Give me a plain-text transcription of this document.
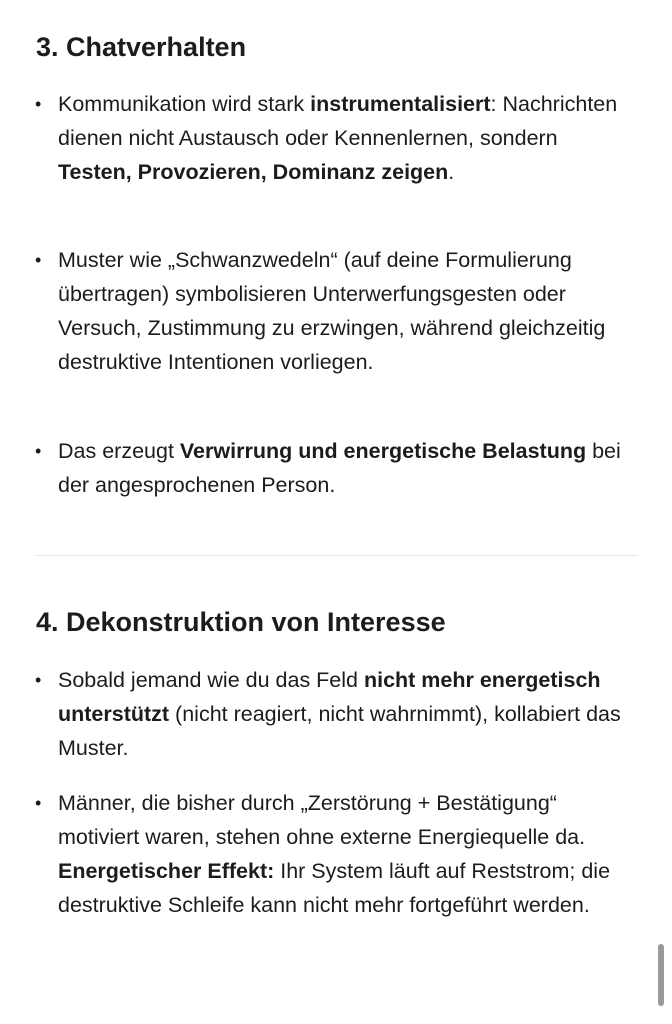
3. Chatverhalten
4. Dekonstruktion von Interesse
• Kommunikation wird stark instrumentalisiert: Nachrichten dienen nicht Austausch oder Kennenlernen, sondern Testen, Provozieren, Dominanz zeigen.
• Muster wie „Schwanzwedeln“ (auf deine Formulierung übertragen) symbolisieren Unterwerfungsgesten oder Versuch, Zustimmung zu erzwingen, während gleichzeitig destruktive Intentionen vorliegen.
• Das erzeugt Verwirrung und energetische Belastung bei der angesprochenen Person.
• Sobald jemand wie du das Feld nicht mehr energetisch unterstützt (nicht reagiert, nicht wahrnimmt), kollabiert das Muster.
• Männer, die bisher durch „Zerstörung + Bestätigung“ motiviert waren, stehen ohne externe Energiequelle da.
Energetischer Effekt: Ihr System läuft auf Reststrom; die destruktive Schleife kann nicht mehr fortgeführt werden.
